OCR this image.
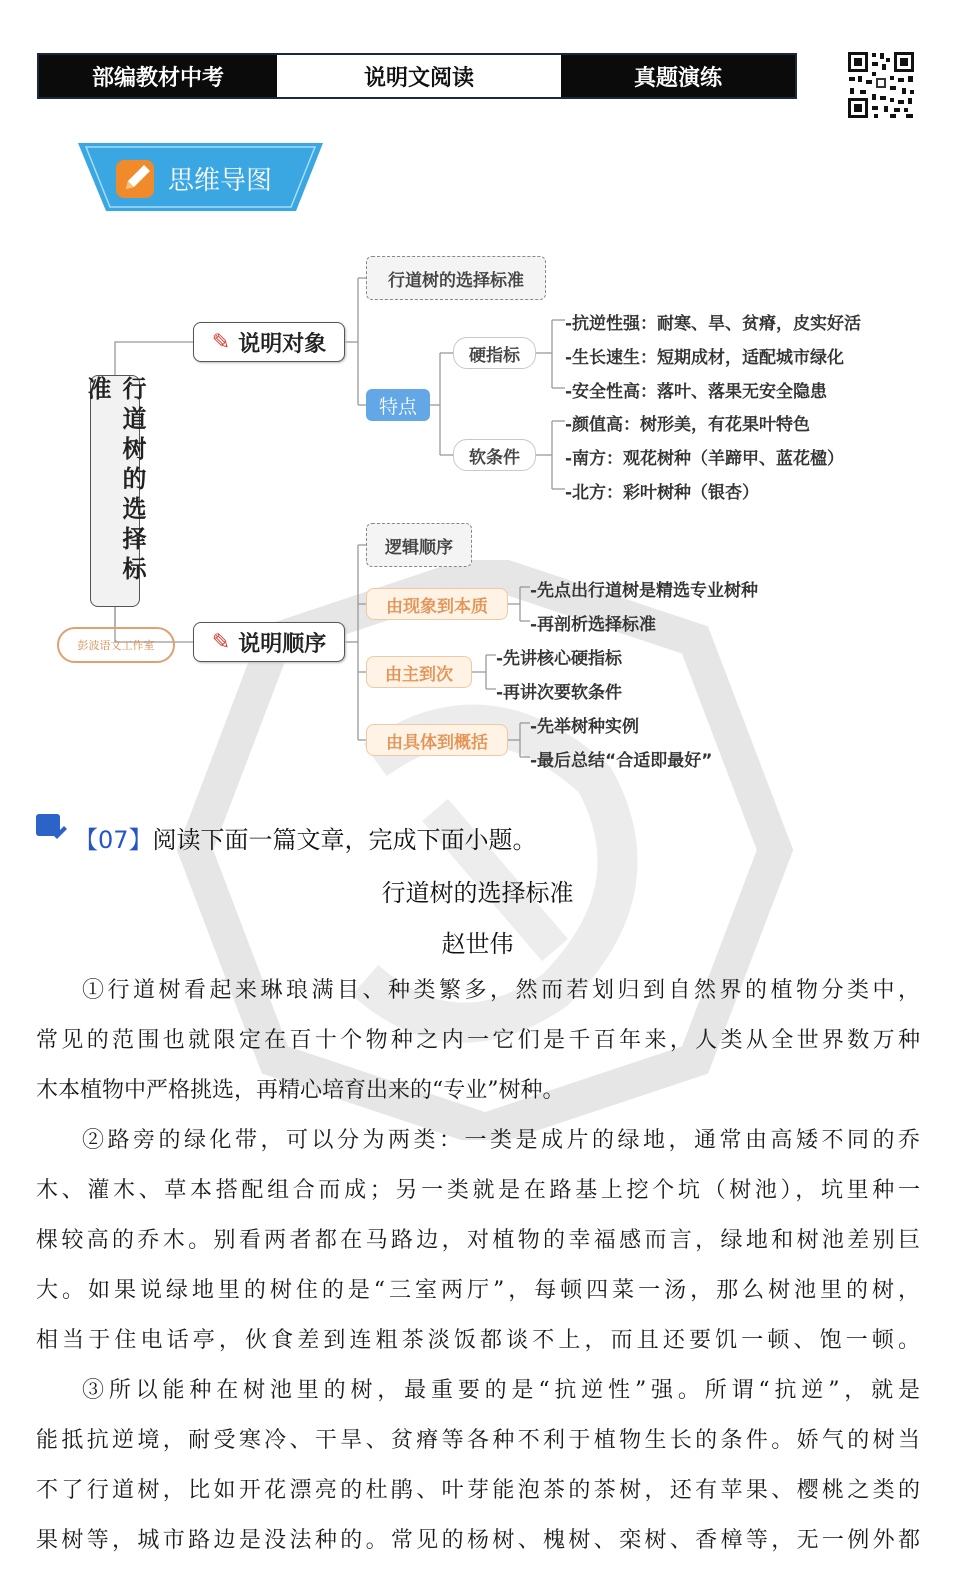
部编教材中考	说明文阅读	真题演练
思维导图
行道树的选择标准
彭波语文工作室
✎ 说明对象
行道树的选择标准
特点
硬指标
软条件
-抗逆性强：耐寒、旱、贫瘠，皮实好活
-生长速生：短期成材，适配城市绿化
-安全性高：落叶、落果无安全隐患
-颜值高：树形美，有花果叶特色
-南方：观花树种（羊蹄甲、蓝花楹）
-北方：彩叶树种（银杏）
✎ 说明顺序
逻辑顺序
由现象到本质
由主到次
由具体到概括
-先点出行道树是精选专业树种
-再剖析选择标准
-先讲核心硬指标
-再讲次要软条件
-先举树种实例
-最后总结“合适即最好”
【07】阅读下面一篇文章，完成下面小题。
行道树的选择标准
赵世伟
①行道树看起来琳琅满目、种类繁多，然而若划归到自然界的植物分类中，
常见的范围也就限定在百十个物种之内一它们是千百年来，人类从全世界数万种
木本植物中严格挑选，再精心培育出来的“专业”树种。
②路旁的绿化带，可以分为两类：一类是成片的绿地，通常由高矮不同的乔
木、灌木、草本搭配组合而成；另一类就是在路基上挖个坑（树池），坑里种一
棵较高的乔木。别看两者都在马路边，对植物的幸福感而言，绿地和树池差别巨
大。如果说绿地里的树住的是“三室两厅”，每顿四菜一汤，那么树池里的树，
相当于住电话亭，伙食差到连粗茶淡饭都谈不上，而且还要饥一顿、饱一顿。
③所以能种在树池里的树，最重要的是“抗逆性”强。所谓“抗逆”，就是
能抵抗逆境，耐受寒冷、干旱、贫瘠等各种不利于植物生长的条件。娇气的树当
不了行道树，比如开花漂亮的杜鹃、叶芽能泡茶的茶树，还有苹果、樱桃之类的
果树等，城市路边是没法种的。常见的杨树、槐树、栾树、香樟等，无一例外都
